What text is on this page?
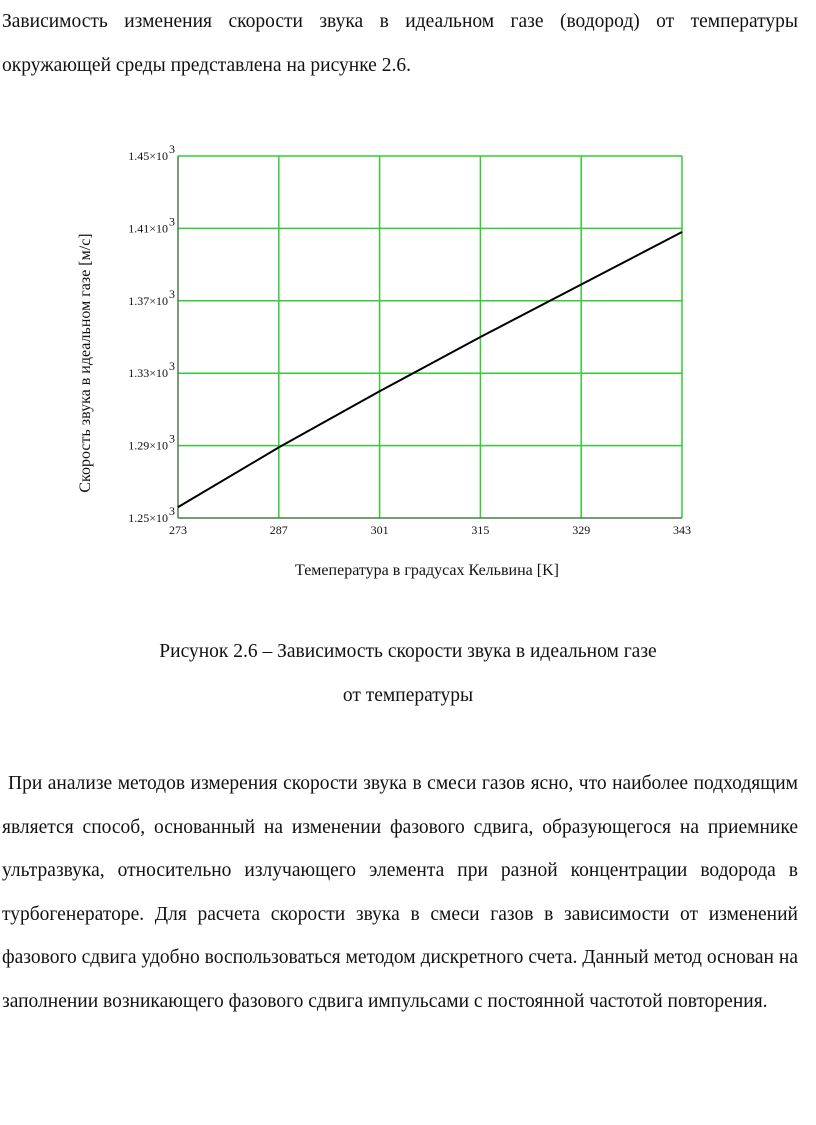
Зависимость изменения скорости звука в идеальном газе (водород) от температуры окружающей среды представлена на рисунке 2.6.

273	287	301	315	329	343
1.25×10 3
1.29×10 3
1.33×10 3
1.37×10 3
1.41×10 3
1.45×10 3
Темепература в градусах Кельвина [K]
Скорость звука в идеальном газе [м/с]

Рисунок 2.6 – Зависимость скорости звука в идеальном газе

от температуры

При анализе методов измерения скорости звука в смеси газов ясно, что наиболее подходящим является способ, основанный на изменении фазового сдвига, образующегося на приемнике ультразвука, относительно излучающего элемента при разной концентрации водорода в турбогенераторе. Для расчета скорости звука в смеси газов в зависимости от изменений фазового сдвига удобно воспользоваться методом дискретного счета. Данный метод основан на заполнении возникающего фазового сдвига импульсами с постоянной частотой повторения.
